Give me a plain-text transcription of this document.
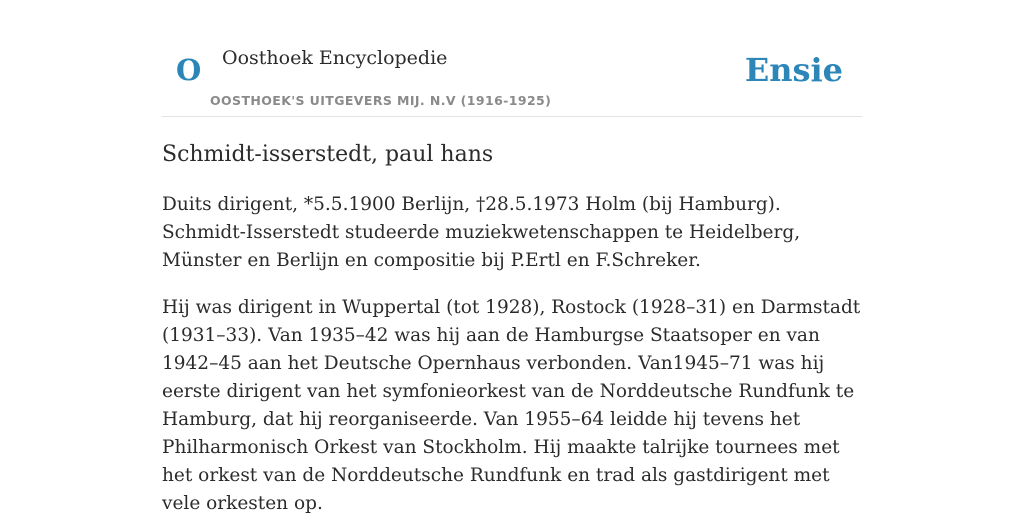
O Oosthoek Encyclopedie
OOSTHOEK'S UITGEVERS MIJ. N.V (1916-1925)
Ensie
Schmidt-isserstedt, paul hans

Duits dirigent, *5.5.1900 Berlijn, †28.5.1973 Holm (bij Hamburg). Schmidt-Isserstedt studeerde muziekwetenschappen te Heidelberg, Münster en Berlijn en compositie bij P.Ertl en F.Schreker.

Hij was dirigent in Wuppertal (tot 1928), Rostock (1928–31) en Darmstadt (1931–33). Van 1935–42 was hij aan de Hamburgse Staatsoper en van 1942–45 aan het Deutsche Opernhaus verbonden. Van1945–71 was hij eerste dirigent van het symfonieorkest van de Norddeutsche Rundfunk te Hamburg, dat hij reorganiseerde. Van 1955–64 leidde hij tevens het Philharmonisch Orkest van Stockholm. Hij maakte talrijke tournees met het orkest van de Norddeutsche Rundfunk en trad als gastdirigent met vele orkesten op.
